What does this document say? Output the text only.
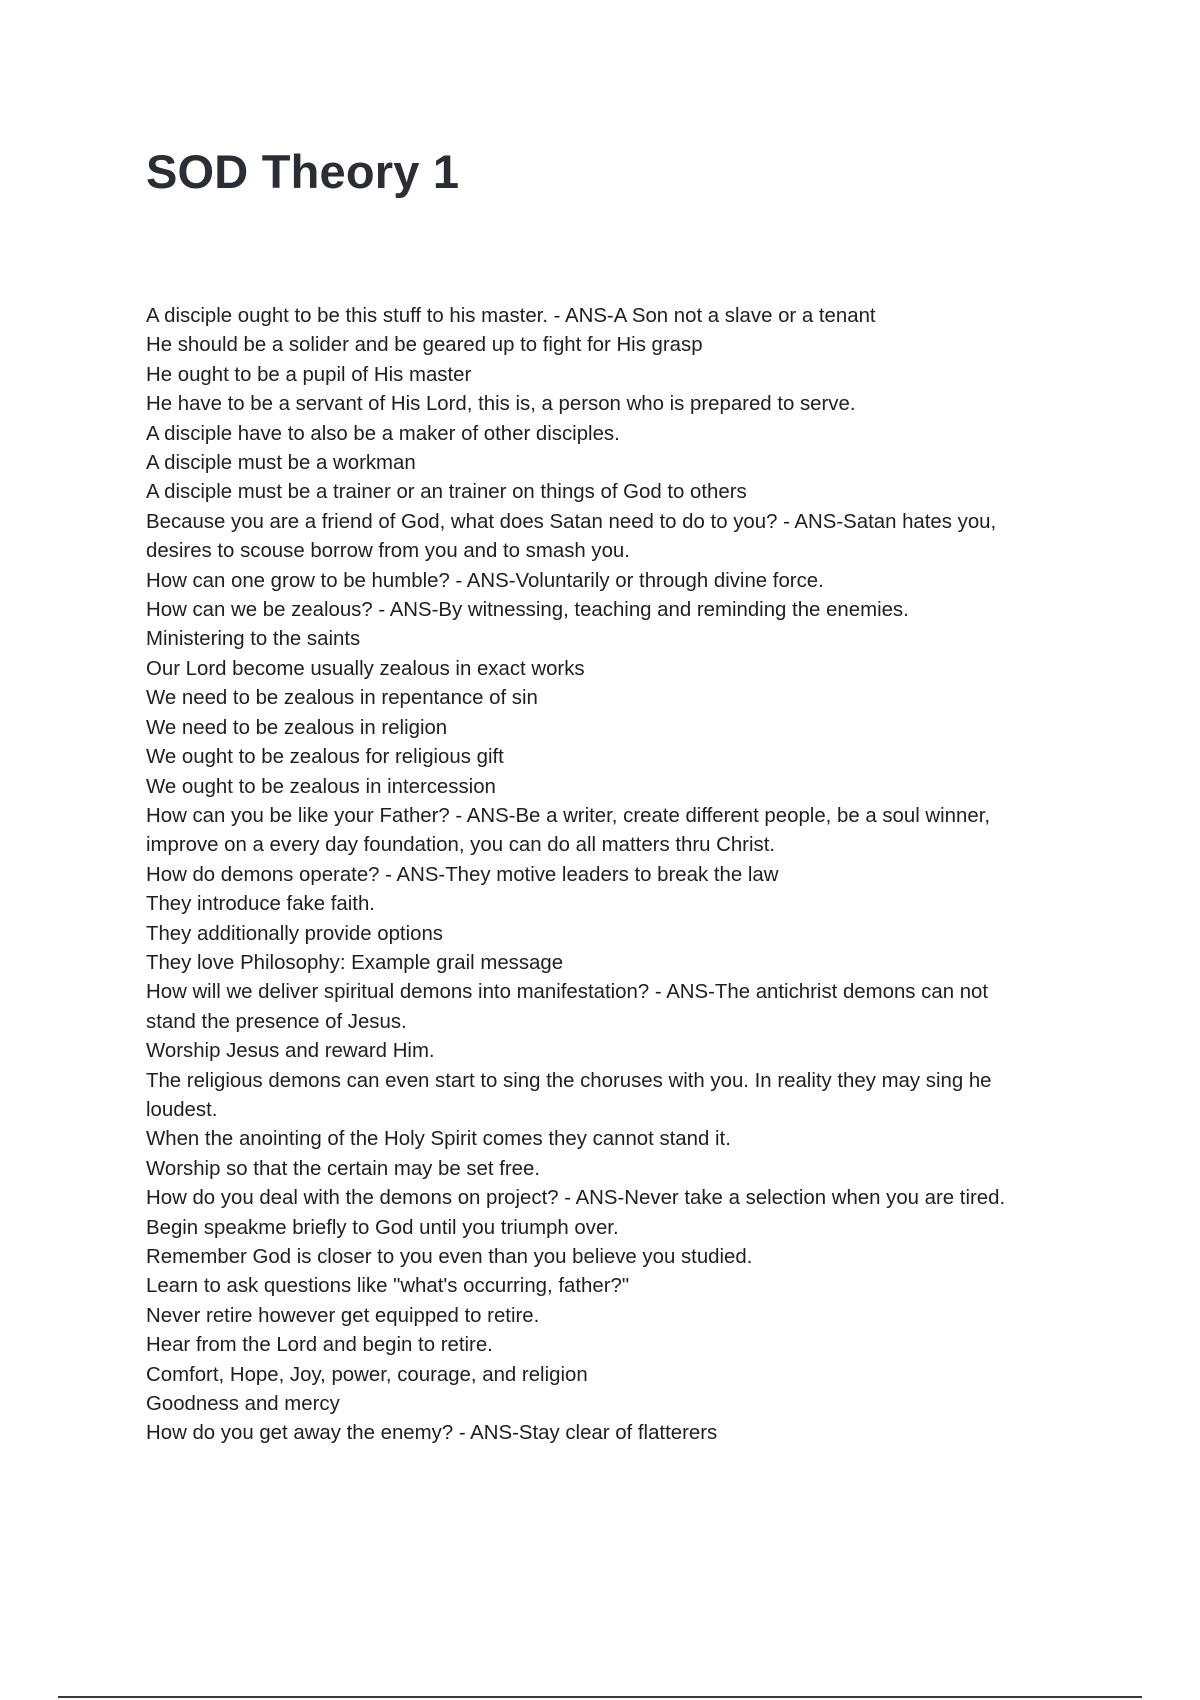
SOD Theory 1
A disciple ought to be this stuff to his master. - ANS-A Son not a slave or a tenant
He should be a solider and be geared up to fight for His grasp
He ought to be a pupil of His master
He have to be a servant of His Lord, this is, a person who is prepared to serve.
A disciple have to also be a maker of other disciples.
A disciple must be a workman
A disciple must be a trainer or an trainer on things of God to others
Because you are a friend of God, what does Satan need to do to you? - ANS-Satan hates you,
desires to scouse borrow from you and to smash you.
How can one grow to be humble? - ANS-Voluntarily or through divine force.
How can we be zealous? - ANS-By witnessing, teaching and reminding the enemies.
Ministering to the saints
Our Lord become usually zealous in exact works
We need to be zealous in repentance of sin
We need to be zealous in religion
We ought to be zealous for religious gift
We ought to be zealous in intercession
How can you be like your Father? - ANS-Be a writer, create different people, be a soul winner,
improve on a every day foundation, you can do all matters thru Christ.
How do demons operate? - ANS-They motive leaders to break the law
They introduce fake faith.
They additionally provide options
They love Philosophy: Example grail message
How will we deliver spiritual demons into manifestation? - ANS-The antichrist demons can not
stand the presence of Jesus.
Worship Jesus and reward Him.
The religious demons can even start to sing the choruses with you. In reality they may sing he
loudest.
When the anointing of the Holy Spirit comes they cannot stand it.
Worship so that the certain may be set free.
How do you deal with the demons on project? - ANS-Never take a selection when you are tired.
Begin speakme briefly to God until you triumph over.
Remember God is closer to you even than you believe you studied.
Learn to ask questions like "what's occurring, father?"
Never retire however get equipped to retire.
Hear from the Lord and begin to retire.
Comfort, Hope, Joy, power, courage, and religion
Goodness and mercy
How do you get away the enemy? - ANS-Stay clear of flatterers
